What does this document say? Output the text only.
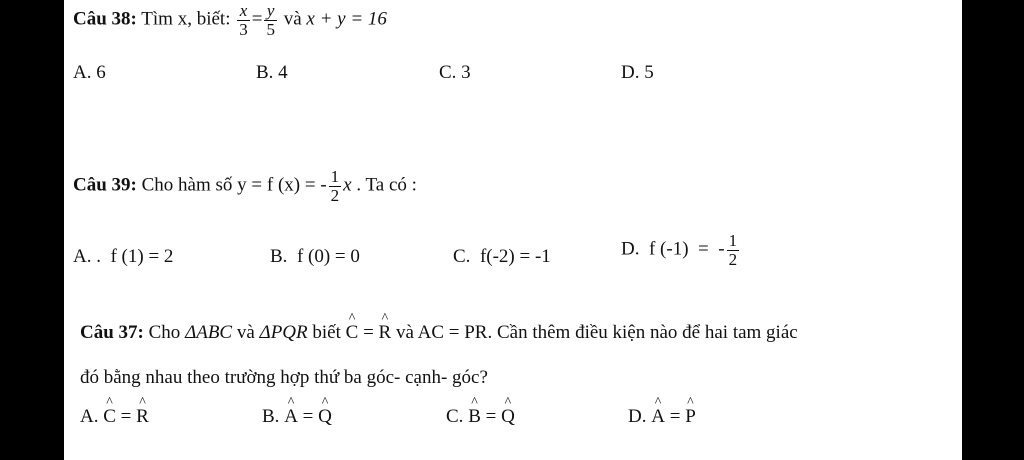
Câu 38: Tìm x, biết: $\frac{x}{3} = \frac{y}{5}$ và x + y = 16
A. 6	B. 4	C. 3	D. 5
Câu 39: Cho hàm số y = f (x) = - $\frac{1}{2}$ x . Ta có :
A. . f (1) = 2	B. f (0) = 0	C. f(-2) = -1	D. f (-1)  =  - $\frac{1}{2}$
Câu 37: Cho ΔABC và ΔPQR biết ^ C = ^ R và AC = PR. Cần thêm điều kiện nào để hai tam giác
đó bằng nhau theo trường hợp thứ ba góc- cạnh- góc?
A. ^ C = ^ R	B. ^ A = ^ Q	C. ^ B = ^ Q	D. ^ A = ^ P
